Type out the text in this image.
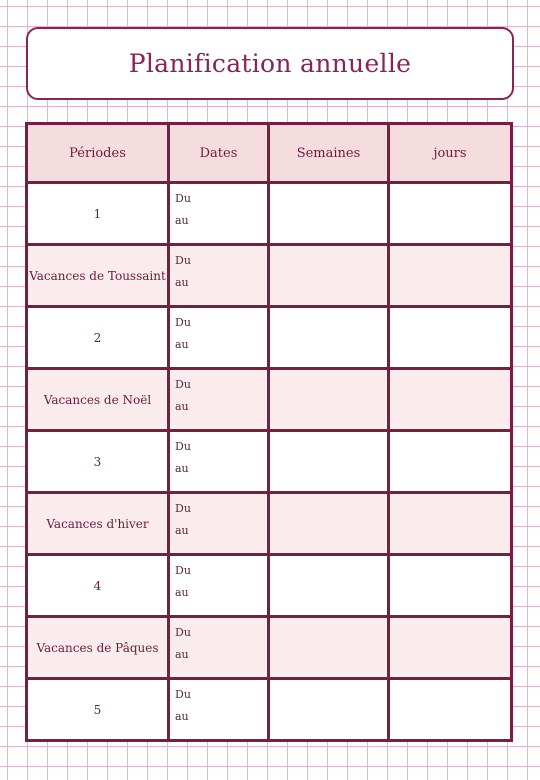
Planification annuelle
Périodes	Dates	Semaines	jours
1	Du
au		

Vacances de Toussaint	Du
au		

2	Du
au		

Vacances de Noël	Du
au		

3	Du
au		

Vacances d'hiver	Du
au		

4	Du
au		

Vacances de Pâques	Du
au		

5	Du
au		
